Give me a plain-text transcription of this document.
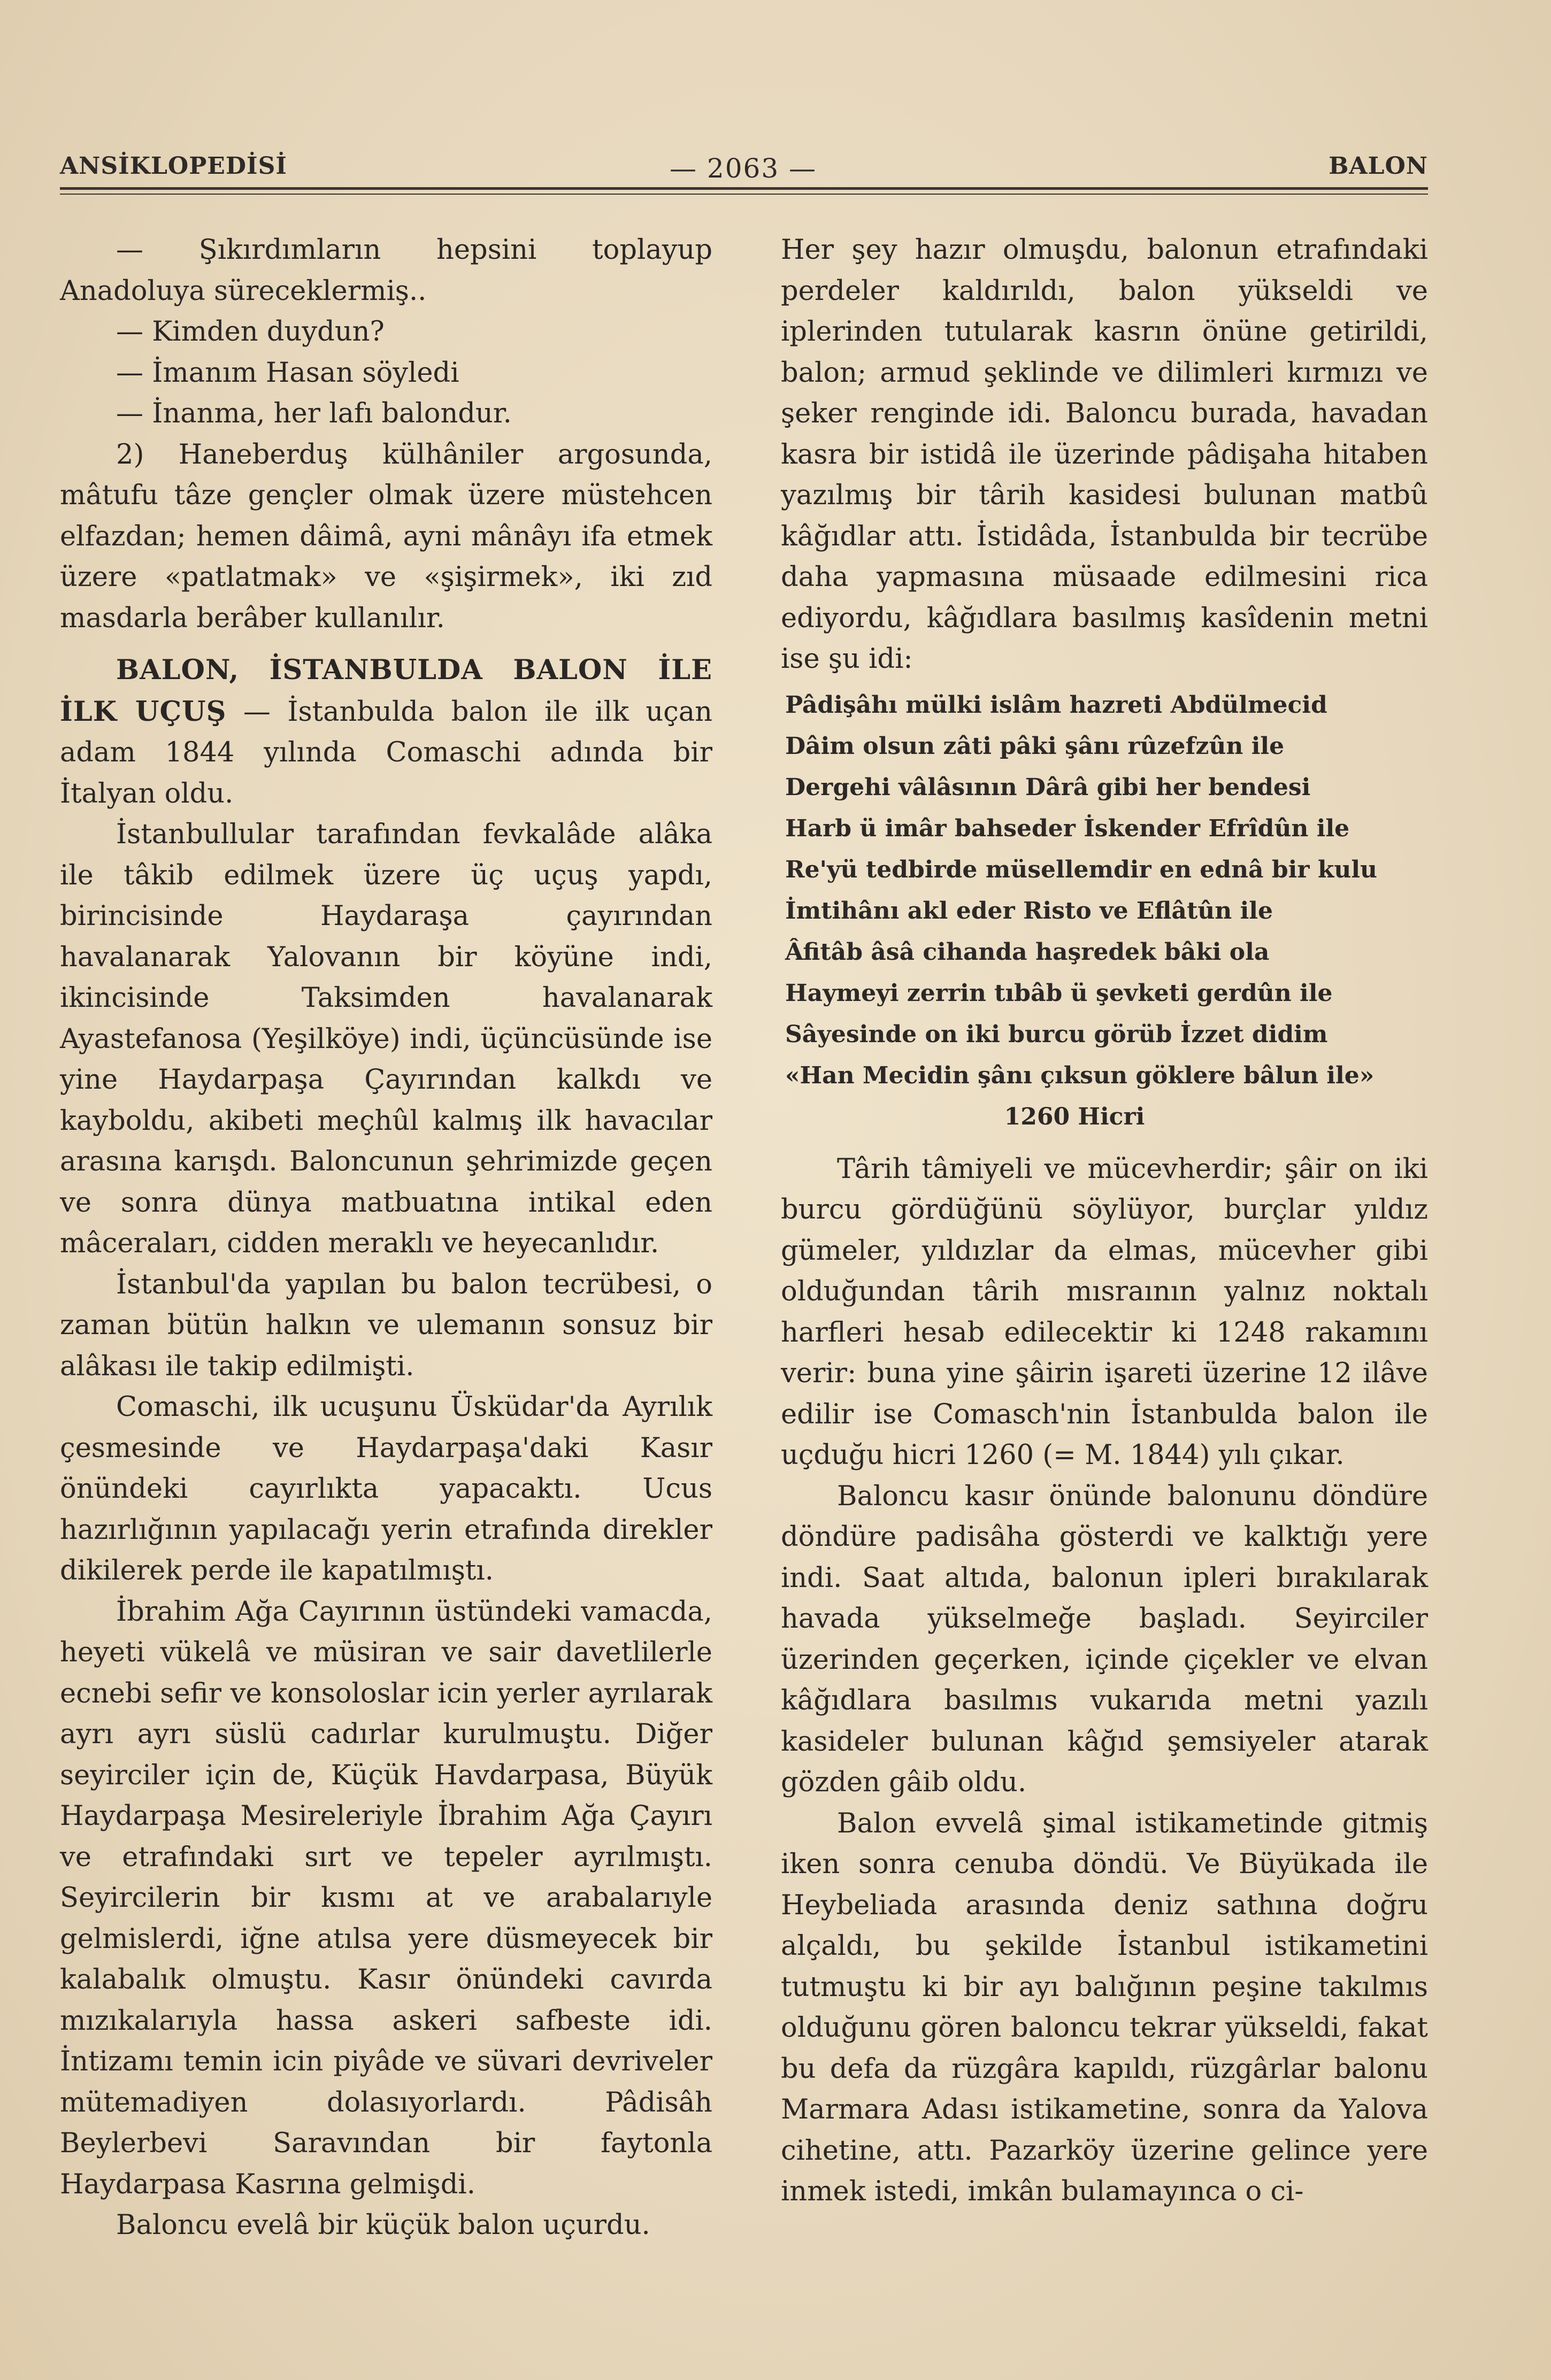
ANSİKLOPEDİSİ	— 2063 —	BALON

— Şıkırdımların hepsini toplayup Anadoluya süreceklermiş..

— Kimden duydun?

— İmanım Hasan söyledi

— İnanma, her lafı balondur.

2) Haneberduş külhâniler argosunda, mâtufu tâze gençler olmak üzere müstehcen elfazdan; hemen dâimâ, ayni mânâyı ifa etmek üzere «patlatmak» ve «şişirmek», iki zıd masdarla berâber kullanılır.

BALON, İSTANBULDA BALON İLE İLK UÇUŞ — İstanbulda balon ile ilk uçan adam 1844 yılında Comaschi adında bir İtalyan oldu.

İstanbullular tarafından fevkalâde alâka ile tâkib edilmek üzere üç uçuş yapdı, birincisinde Haydaraşa çayırından havalanarak Yalovanın bir köyüne indi, ikincisinde Taksimden havalanarak Ayastefanosa (Yeşilköye) indi, üçüncüsünde ise yine Haydarpaşa Çayırından kalkdı ve kayboldu, akibeti meçhûl kalmış ilk havacılar arasına karışdı. Baloncunun şehrimizde geçen ve sonra dünya matbuatına intikal eden mâceraları, cidden meraklı ve heyecanlıdır.

İstanbul'da yapılan bu balon tecrübesi, o zaman bütün halkın ve ulemanın sonsuz bir alâkası ile takip edilmişti.

Comaschi, ilk ucuşunu Üsküdar'da Ayrılık çesmesinde ve Haydarpaşa'daki Kasır önündeki cayırlıkta yapacaktı. Ucus hazırlığının yapılacağı yerin etrafında direkler dikilerek perde ile kapatılmıştı.

İbrahim Ağa Cayırının üstündeki vamacda, heyeti vükelâ ve müsiran ve sair davetlilerle ecnebi sefir ve konsoloslar icin yerler ayrılarak ayrı ayrı süslü cadırlar kurulmuştu. Diğer seyirciler için de, Küçük Havdarpasa, Büyük Haydarpaşa Mesireleriyle İbrahim Ağa Çayırı ve etrafındaki sırt ve tepeler ayrılmıştı. Seyircilerin bir kısmı at ve arabalarıyle gelmislerdi, iğne atılsa yere düsmeyecek bir kalabalık olmuştu. Kasır önündeki cavırda mızıkalarıyla hassa askeri safbeste idi. İntizamı temin icin piyâde ve süvari devriveler mütemadiyen dolasıyorlardı. Pâdisâh Beylerbevi Saravından bir faytonla Haydarpasa Kasrına gelmişdi.

Baloncu evelâ bir küçük balon uçurdu.

Her şey hazır olmuşdu, balonun etrafındaki perdeler kaldırıldı, balon yükseldi ve iplerinden tutularak kasrın önüne getirildi, balon; armud şeklinde ve dilimleri kırmızı ve şeker renginde idi. Baloncu burada, havadan kasra bir istidâ ile üzerinde pâdişaha hitaben yazılmış bir târih kasidesi bulunan matbû kâğıdlar attı. İstidâda, İstanbulda bir tecrübe daha yapmasına müsaade edilmesini rica ediyordu, kâğıdlara basılmış kasîdenin metni ise şu idi:

Pâdişâhı mülki islâm hazreti Abdülmecid
Dâim olsun zâti pâki şânı rûzefzûn ile
Dergehi vâlâsının Dârâ gibi her bendesi
Harb ü imâr bahseder İskender Efrîdûn ile
Re'yü tedbirde müsellemdir en ednâ bir kulu
İmtihânı akl eder Risto ve Eflâtûn ile
Âfitâb âsâ cihanda haşredek bâki ola
Haymeyi zerrin tıbâb ü şevketi gerdûn ile
Sâyesinde on iki burcu görüb İzzet didim
«Han Mecidin şânı çıksun göklere bâlun ile»
1260 Hicri

Târih tâmiyeli ve mücevherdir; şâir on iki burcu gördüğünü söylüyor, burçlar yıldız gümeler, yıldızlar da elmas, mücevher gibi olduğundan târih mısraının yalnız noktalı harfleri hesab edilecektir ki 1248 rakamını verir: buna yine şâirin işareti üzerine 12 ilâve edilir ise Comasch'nin İstanbulda balon ile uçduğu hicri 1260 (= M. 1844) yılı çıkar.

Baloncu kasır önünde balonunu döndüre döndüre padisâha gösterdi ve kalktığı yere indi. Saat altıda, balonun ipleri bırakılarak havada yükselmeğe başladı. Seyirciler üzerinden geçerken, içinde çiçekler ve elvan kâğıdlara basılmıs vukarıda metni yazılı kasideler bulunan kâğıd şemsiyeler atarak gözden gâib oldu.

Balon evvelâ şimal istikametinde gitmiş iken sonra cenuba döndü. Ve Büyükada ile Heybeliada arasında deniz sathına doğru alçaldı, bu şekilde İstanbul istikametini tutmuştu ki bir ayı balığının peşine takılmıs olduğunu gören baloncu tekrar yükseldi, fakat bu defa da rüzgâra kapıldı, rüzgârlar balonu Marmara Adası istikametine, sonra da Yalova cihetine, attı. Pazarköy üzerine gelince yere inmek istedi, imkân bulamayınca o ci-
